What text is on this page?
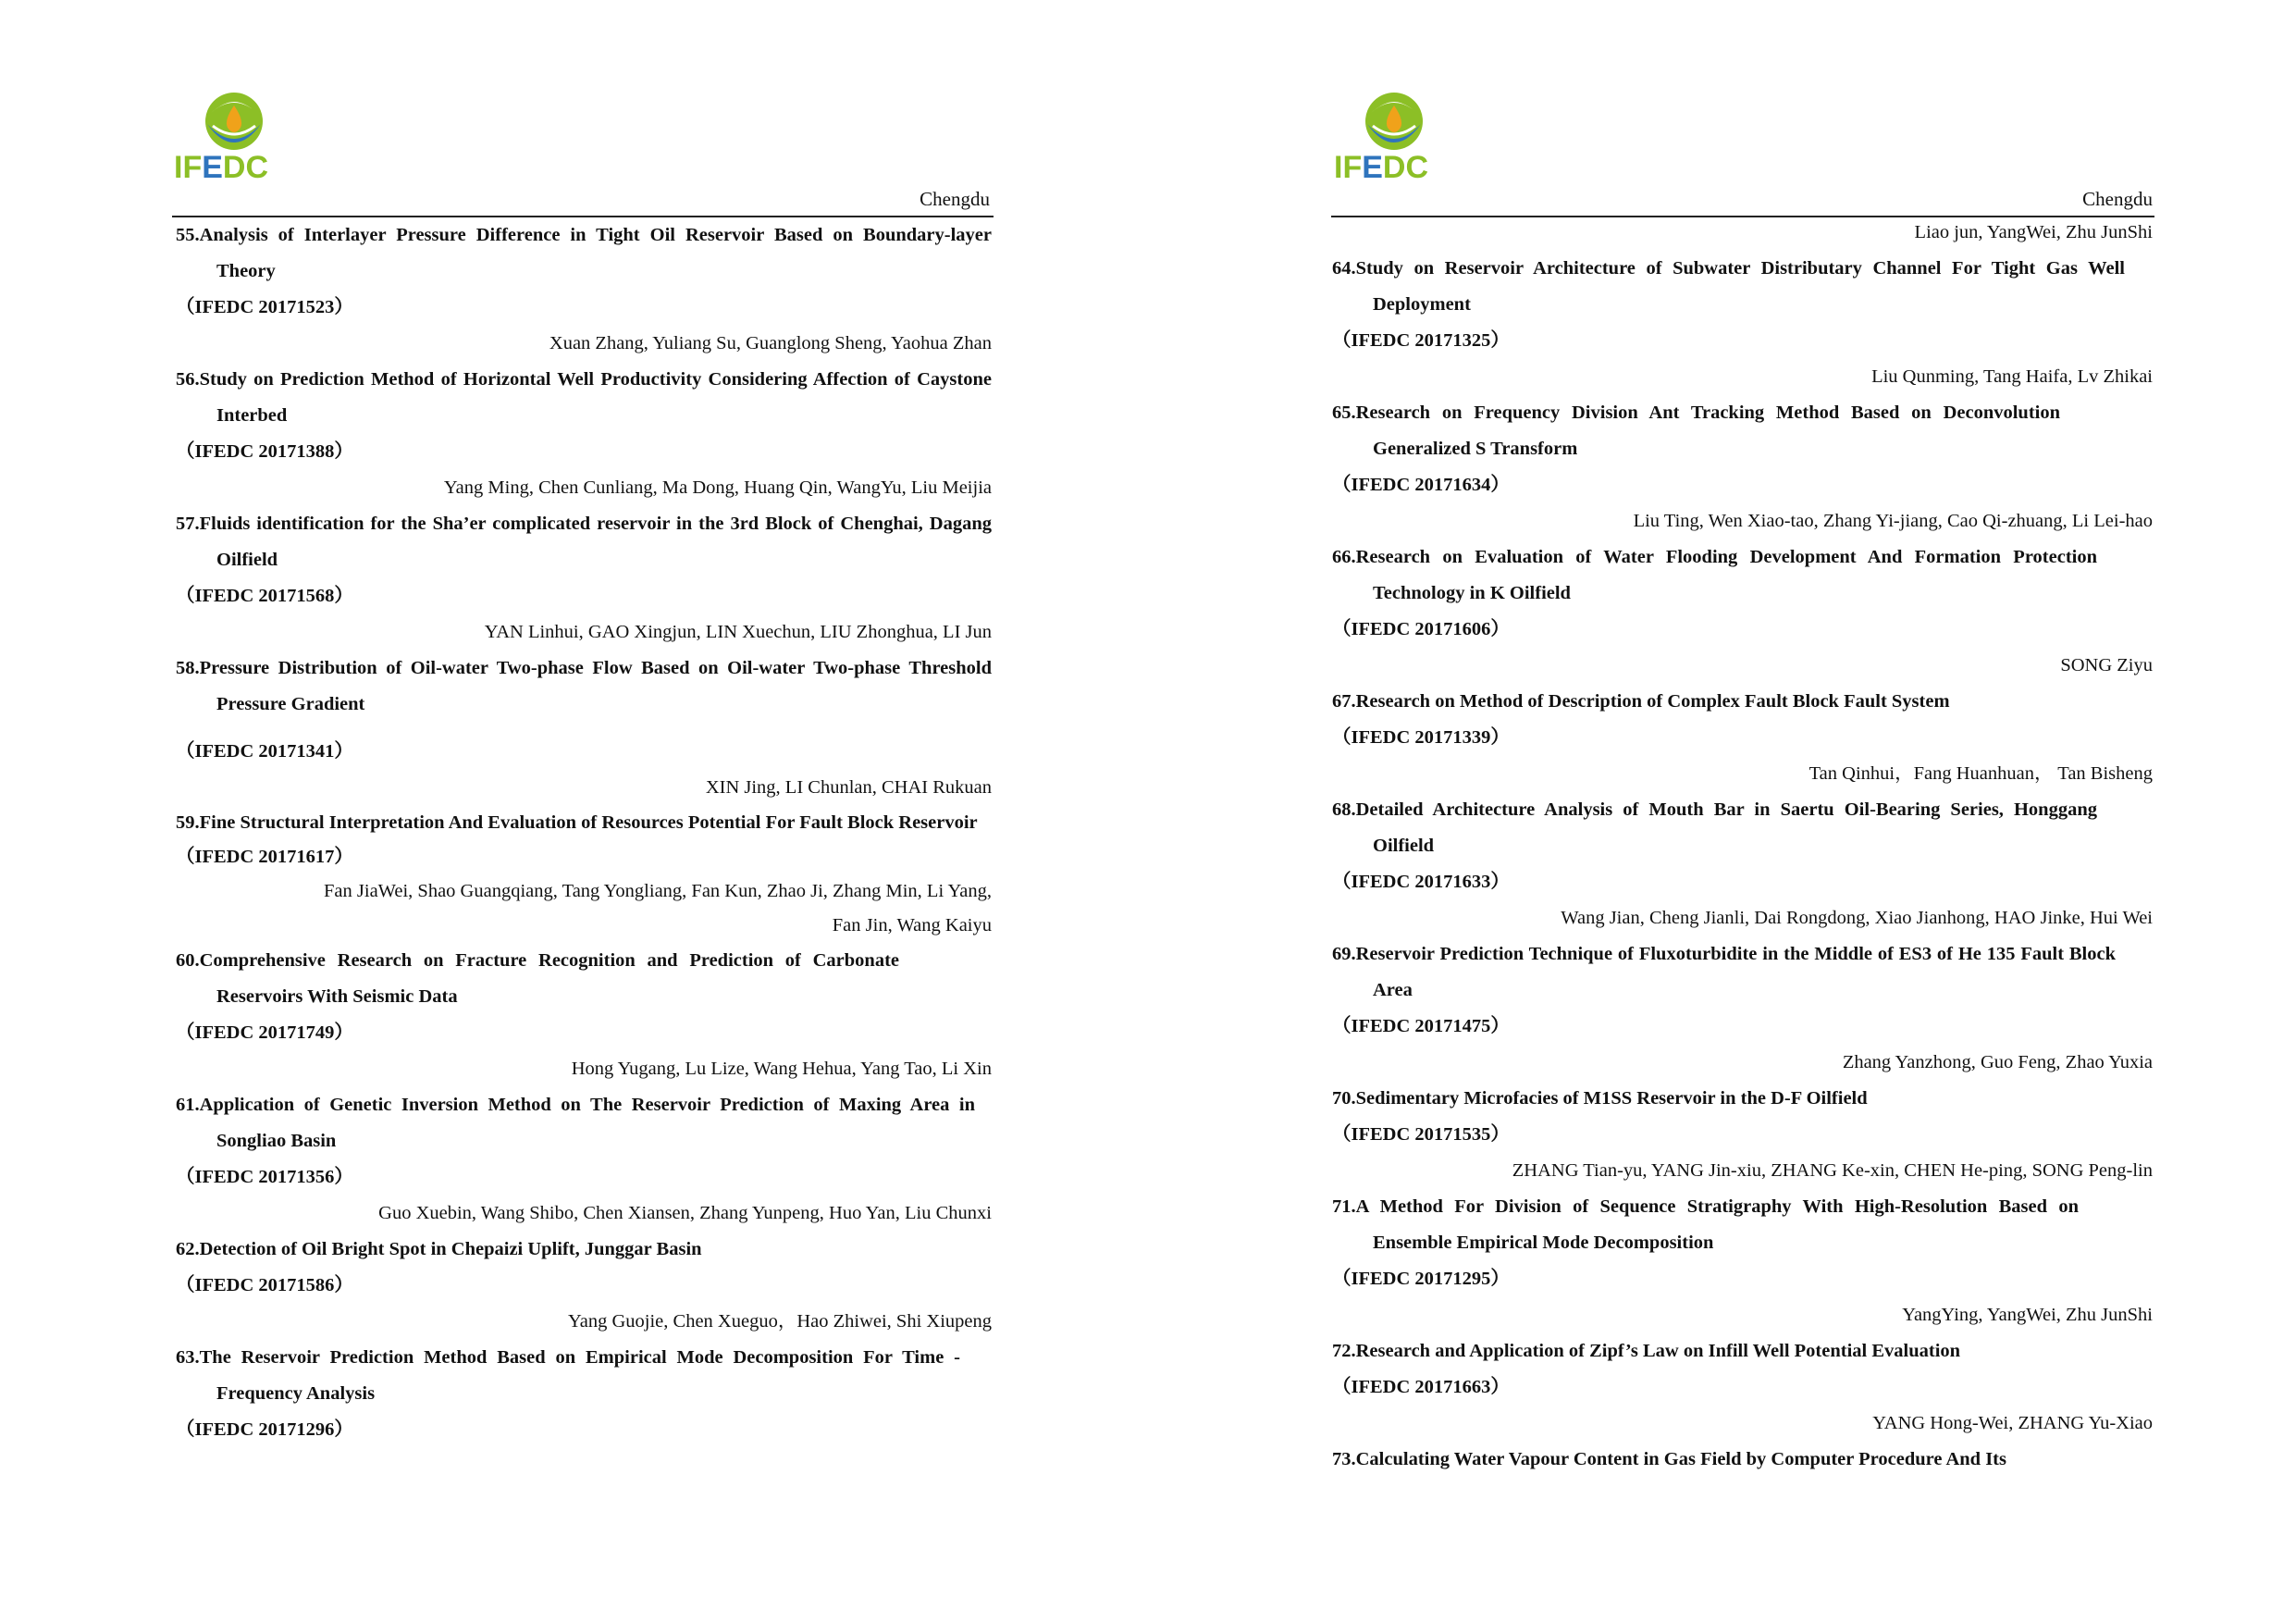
IFEDC
Chengdu
55.Analysis of Interlayer Pressure Difference in Tight Oil Reservoir Based on Boundary-layer Theory
（IFEDC 20171523）
Xuan Zhang, Yuliang Su, Guanglong Sheng, Yaohua Zhan
56.Study on Prediction Method of Horizontal Well Productivity Considering Affection of Caystone Interbed
（IFEDC 20171388）
Yang Ming, Chen Cunliang, Ma Dong, Huang Qin, WangYu, Liu Meijia
57.Fluids identification for the Sha’er complicated reservoir in the 3rd Block of Chenghai, Dagang Oilfield
（IFEDC 20171568）
YAN Linhui, GAO Xingjun, LIN Xuechun, LIU Zhonghua, LI Jun
58.Pressure Distribution of Oil-water Two-phase Flow Based on Oil-water Two-phase Threshold Pressure Gradient
（IFEDC 20171341）
XIN Jing, LI Chunlan, CHAI Rukuan
59.Fine Structural Interpretation And Evaluation of Resources Potential For Fault Block Reservoir
（IFEDC 20171617）
Fan JiaWei, Shao Guangqiang, Tang Yongliang, Fan Kun, Zhao Ji, Zhang Min, Li Yang,
Fan Jin, Wang Kaiyu
60.Comprehensive Research on Fracture Recognition and Prediction of Carbonate Reservoirs With Seismic Data
（IFEDC 20171749）
Hong Yugang, Lu Lize, Wang Hehua, Yang Tao, Li Xin
61.Application of Genetic Inversion Method on The Reservoir Prediction of Maxing Area in Songliao Basin
（IFEDC 20171356）
Guo Xuebin, Wang Shibo, Chen Xiansen, Zhang Yunpeng, Huo Yan, Liu Chunxi
62.Detection of Oil Bright Spot in Chepaizi Uplift, Junggar Basin
（IFEDC 20171586）
Yang Guojie, Chen Xueguo，Hao Zhiwei, Shi Xiupeng
63.The Reservoir Prediction Method Based on Empirical Mode Decomposition For Time - Frequency Analysis
（IFEDC 20171296）
IFEDC
Chengdu
Liao jun, YangWei, Zhu JunShi
64.Study on Reservoir Architecture of Subwater Distributary Channel For Tight Gas Well Deployment
（IFEDC 20171325）
Liu Qunming, Tang Haifa, Lv Zhikai
65.Research on Frequency Division Ant Tracking Method Based on Deconvolution Generalized S Transform
（IFEDC 20171634）
Liu Ting, Wen Xiao-tao, Zhang Yi-jiang, Cao Qi-zhuang, Li Lei-hao
66.Research on Evaluation of Water Flooding Development And Formation Protection Technology in K Oilfield
（IFEDC 20171606）
SONG Ziyu
67.Research on Method of Description of Complex Fault Block Fault System
（IFEDC 20171339）
Tan Qinhui，Fang Huanhuan， Tan Bisheng
68.Detailed Architecture Analysis of Mouth Bar in Saertu Oil-Bearing Series, Honggang Oilfield
（IFEDC 20171633）
Wang Jian, Cheng Jianli, Dai Rongdong, Xiao Jianhong, HAO Jinke, Hui Wei
69.Reservoir Prediction Technique of Fluxoturbidite in the Middle of ES3 of He 135 Fault Block Area
（IFEDC 20171475）
Zhang Yanzhong, Guo Feng, Zhao Yuxia
70.Sedimentary Microfacies of M1SS Reservoir in the D-F Oilfield
（IFEDC 20171535）
ZHANG Tian-yu, YANG Jin-xiu, ZHANG Ke-xin, CHEN He-ping, SONG Peng-lin
71.A Method For Division of Sequence Stratigraphy With High-Resolution Based on Ensemble Empirical Mode Decomposition
（IFEDC 20171295）
YangYing, YangWei, Zhu JunShi
72.Research and Application of Zipf’s Law on Infill Well Potential Evaluation
（IFEDC 20171663）
YANG Hong-Wei, ZHANG Yu-Xiao
73.Calculating Water Vapour Content in Gas Field by Computer Procedure And Its
